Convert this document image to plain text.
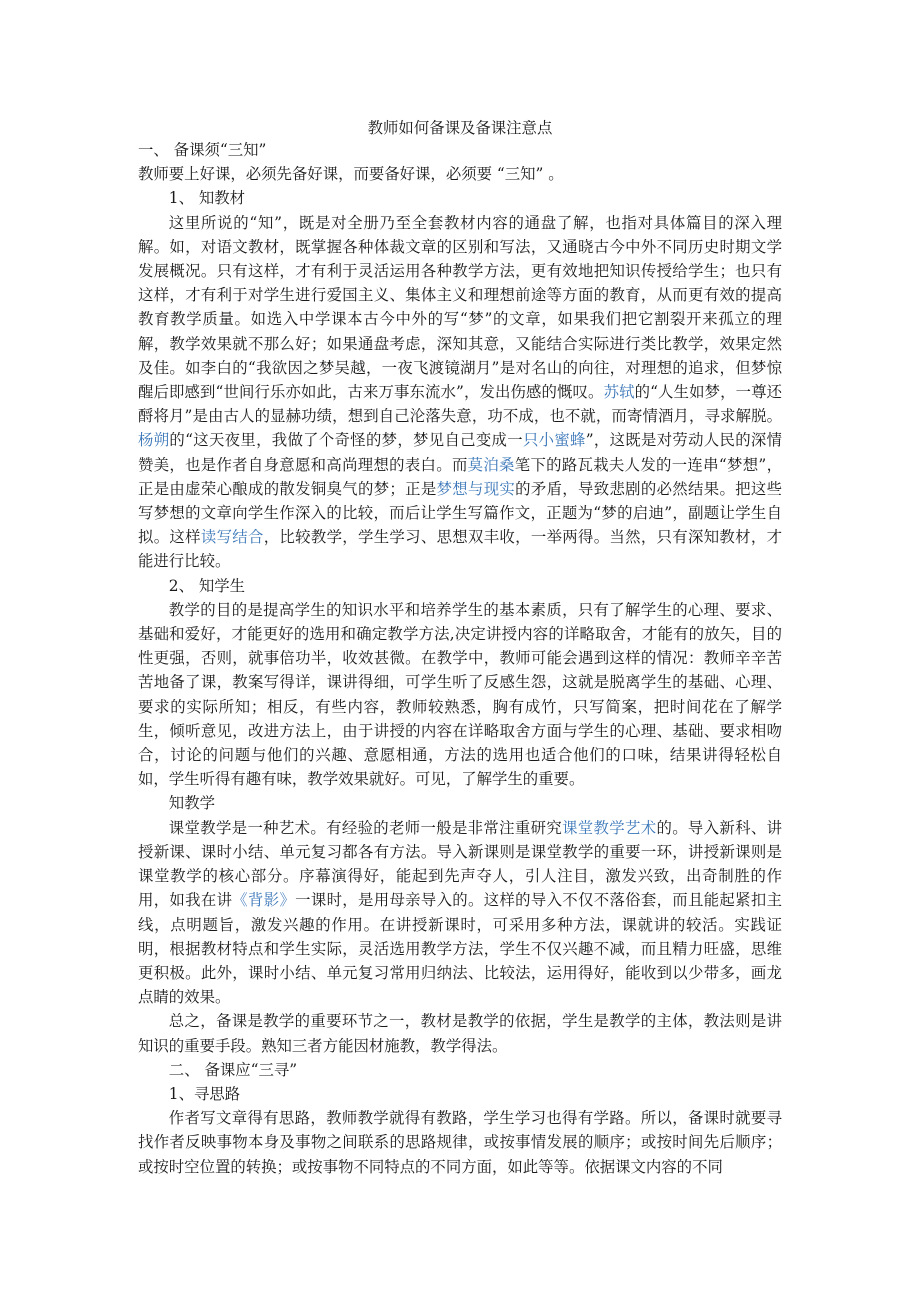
教师如何备课及备课注意点

一、 备课须“三知”

教师要上好课，必须先备好课，而要备好课，必须要 “三知” 。

1、 知教材

这里所说的“知”，既是对全册乃至全套教材内容的通盘了解，也指对具体篇目的深入理解。如，对语文教材，既掌握各种体裁文章的区别和写法，又通晓古今中外不同历史时期文学发展概况。只有这样，才有利于灵活运用各种教学方法，更有效地把知识传授给学生；也只有这样，才有利于对学生进行爱国主义、集体主义和理想前途等方面的教育，从而更有效的提高教育教学质量。如选入中学课本古今中外的写“梦”的文章，如果我们把它割裂开来孤立的理解，教学效果就不那么好；如果通盘考虑，深知其意，又能结合实际进行类比教学，效果定然及佳。如李白的“我欲因之梦吴越，一夜飞渡镜湖月”是对名山的向往，对理想的追求，但梦惊醒后即感到“世间行乐亦如此，古来万事东流水”，发出伤感的慨叹。苏轼的“人生如梦，一尊还酹将月”是由古人的显赫功绩，想到自己沦落失意，功不成，也不就，而寄情酒月，寻求解脱。杨朔的“这天夜里，我做了个奇怪的梦，梦见自己变成一只小蜜蜂”，这既是对劳动人民的深情赞美，也是作者自身意愿和高尚理想的表白。而莫泊桑笔下的路瓦栽夫人发的一连串“梦想”，正是由虚荣心酿成的散发铜臭气的梦；正是梦想与现实的矛盾，导致悲剧的必然结果。把这些写梦想的文章向学生作深入的比较，而后让学生写篇作文，正题为“梦的启迪”，副题让学生自拟。这样读写结合，比较教学，学生学习、思想双丰收，一举两得。当然，只有深知教材，才能进行比较。

2、 知学生

教学的目的是提高学生的知识水平和培养学生的基本素质，只有了解学生的心理、要求、基础和爱好，才能更好的选用和确定教学方法,决定讲授内容的详略取舍，才能有的放矢，目的性更强，否则，就事倍功半，收效甚微。在教学中，教师可能会遇到这样的情况：教师辛辛苦苦地备了课，教案写得详，课讲得细，可学生听了反感生怨，这就是脱离学生的基础、心理、要求的实际所知；相反，有些内容，教师较熟悉，胸有成竹，只写简案，把时间花在了解学生，倾听意见，改进方法上，由于讲授的内容在详略取舍方面与学生的心理、基础、要求相吻合，讨论的问题与他们的兴趣、意愿相通，方法的选用也适合他们的口味，结果讲得轻松自如，学生听得有趣有味，教学效果就好。可见，了解学生的重要。

知教学

课堂教学是一种艺术。有经验的老师一般是非常注重研究课堂教学艺术的。导入新科、讲授新课、课时小结、单元复习都各有方法。导入新课则是课堂教学的重要一环，讲授新课则是课堂教学的核心部分。序幕演得好，能起到先声夺人，引人注目，激发兴致，出奇制胜的作用，如我在讲《背影》一课时，是用母亲导入的。这样的导入不仅不落俗套，而且能起紧扣主线，点明题旨，激发兴趣的作用。在讲授新课时，可采用多种方法，课就讲的较活。实践证明，根据教材特点和学生实际，灵活选用教学方法，学生不仅兴趣不减，而且精力旺盛，思维更积极。此外，课时小结、单元复习常用归纳法、比较法，运用得好，能收到以少带多，画龙点睛的效果。

总之，备课是教学的重要环节之一，教材是教学的依据，学生是教学的主体，教法则是讲知识的重要手段。熟知三者方能因材施教，教学得法。

二、 备课应“三寻”

1、寻思路

作者写文章得有思路，教师教学就得有教路，学生学习也得有学路。所以，备课时就要寻找作者反映事物本身及事物之间联系的思路规律，或按事情发展的顺序；或按时间先后顺序；或按时空位置的转换；或按事物不同特点的不同方面，如此等等。依据课文内容的不同
